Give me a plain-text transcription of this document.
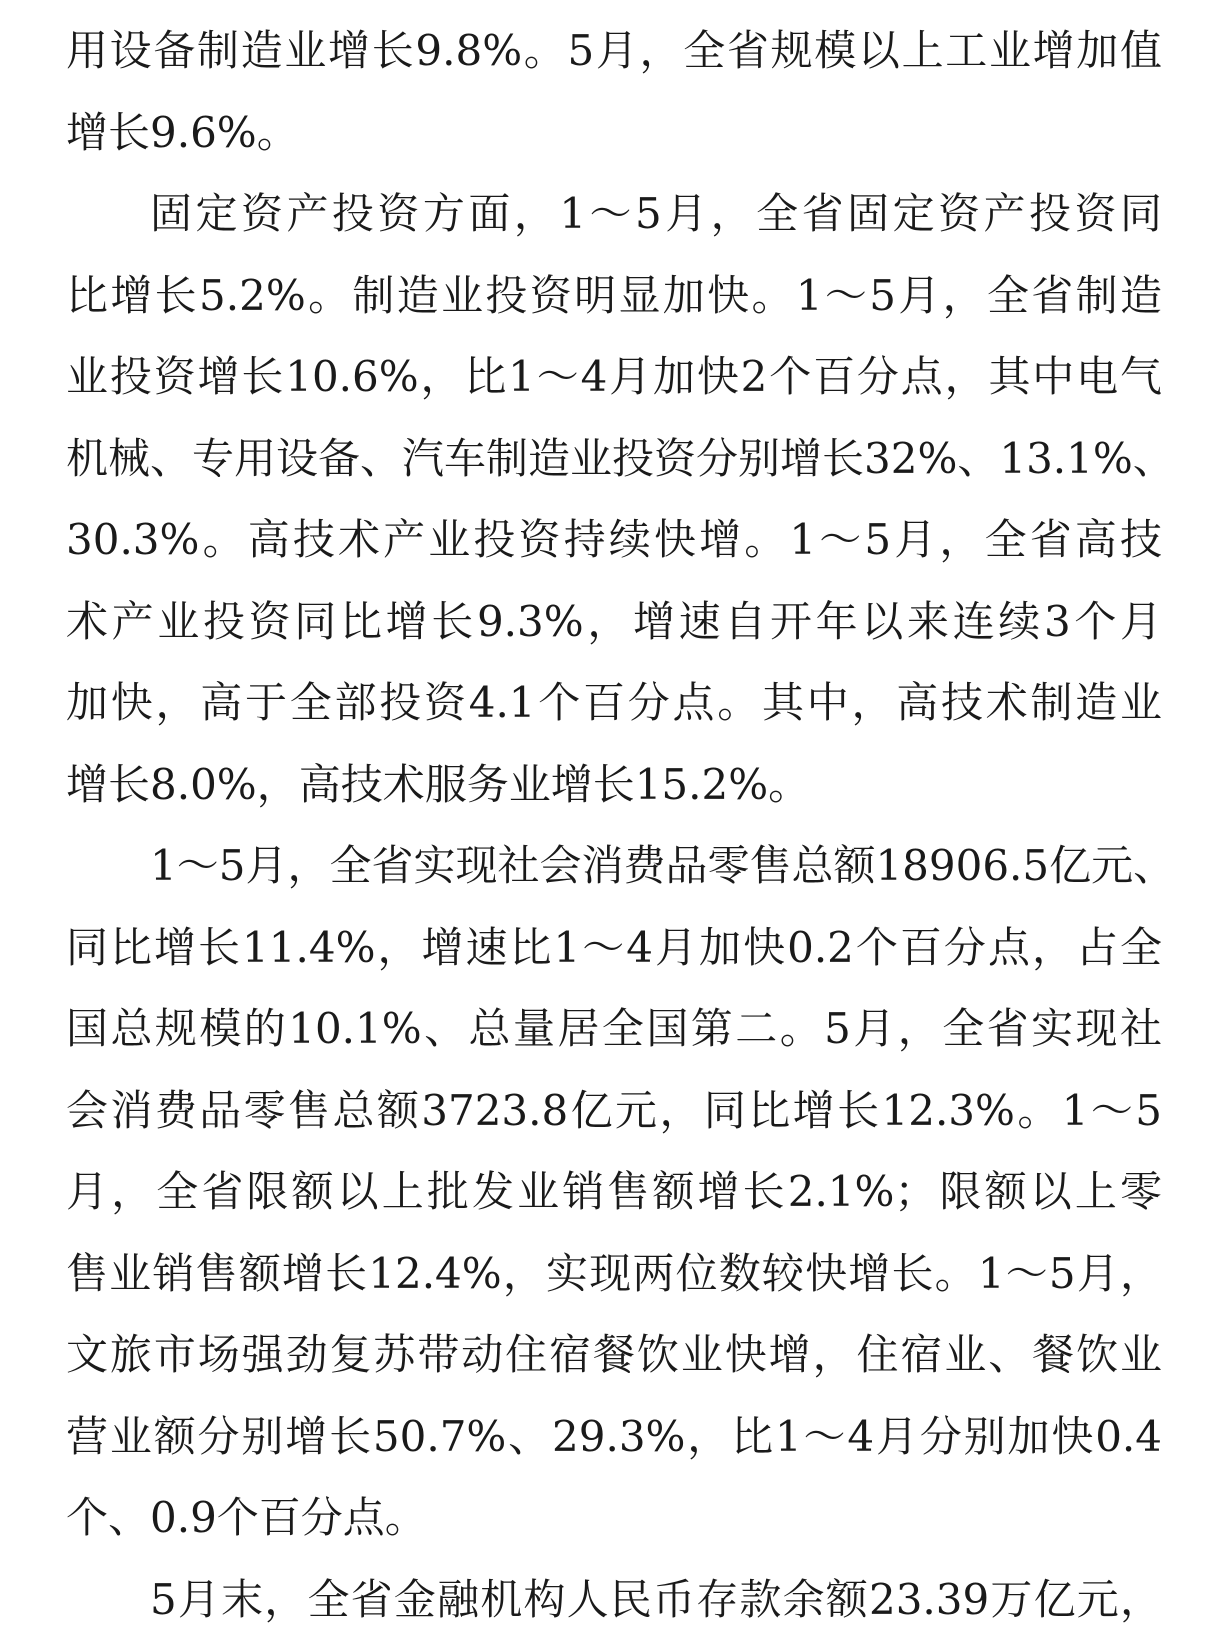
用设备制造业增长9.8%。5月，全省规模以上工业增加值
增长9.6%。
固定资产投资方面，1～5月，全省固定资产投资同
比增长5.2%。制造业投资明显加快。1～5月，全省制造
业投资增长10.6%，比1～4月加快2个百分点，其中电气
机械、专用设备、汽车制造业投资分别增长32%、13.1%、
30.3%。高技术产业投资持续快增。1～5月，全省高技
术产业投资同比增长9.3%，增速自开年以来连续3个月
加快，高于全部投资4.1个百分点。其中，高技术制造业
增长8.0%，高技术服务业增长15.2%。
1～5月，全省实现社会消费品零售总额18906.5亿元、
同比增长11.4%，增速比1～4月加快0.2个百分点，占全
国总规模的10.1%、总量居全国第二。5月，全省实现社
会消费品零售总额3723.8亿元，同比增长12.3%。1～5
月，全省限额以上批发业销售额增长2.1%；限额以上零
售业销售额增长12.4%，实现两位数较快增长。1～5月，
文旅市场强劲复苏带动住宿餐饮业快增，住宿业、餐饮业
营业额分别增长50.7%、29.3%，比1～4月分别加快0.4
个、0.9个百分点。
5月末，全省金融机构人民币存款余额23.39万亿元，
